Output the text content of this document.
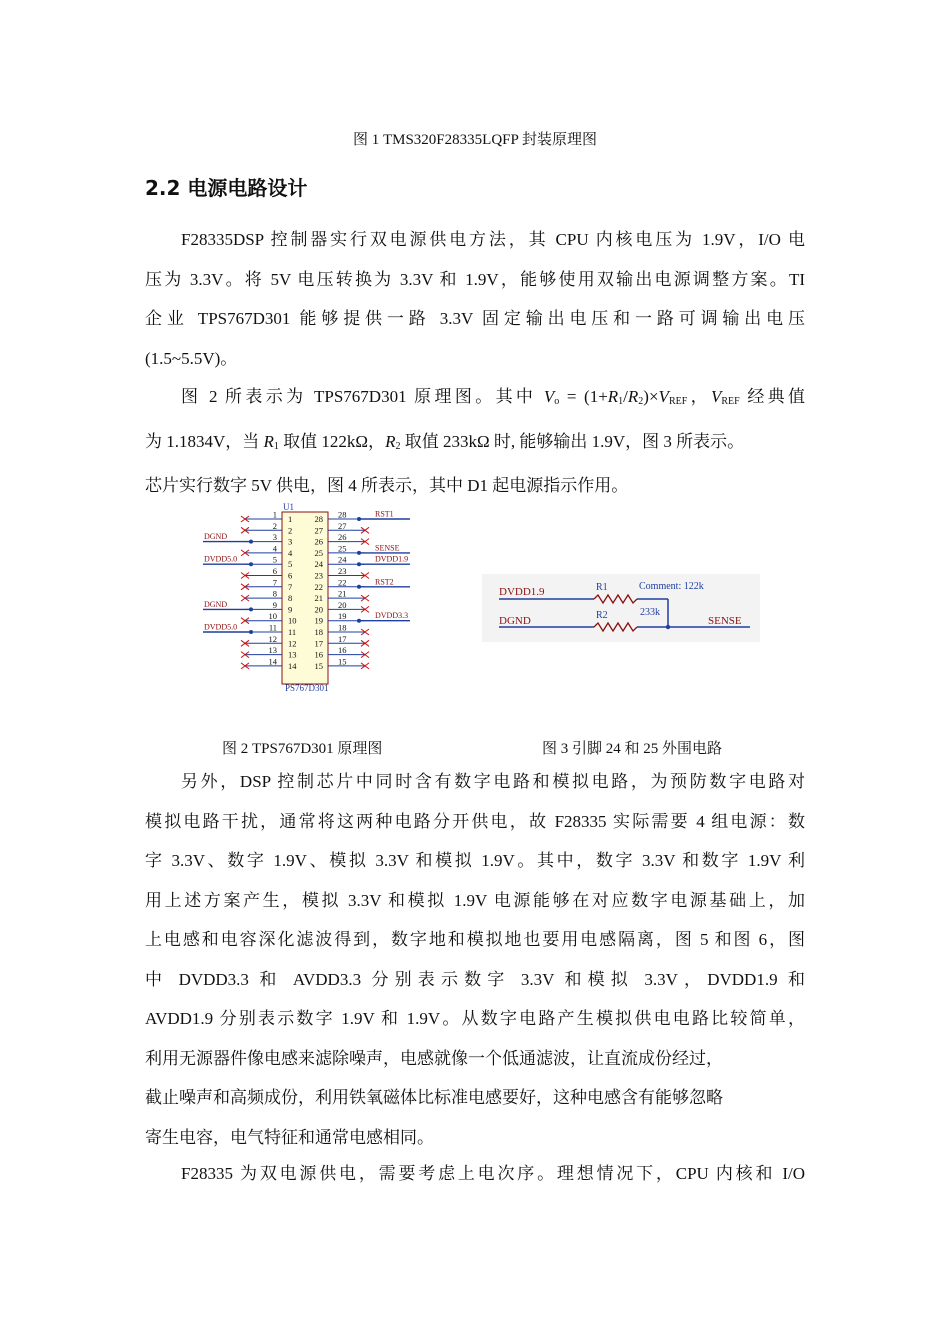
图 1 TMS320F28335LQFP 封装原理图
2.2 电源电路设计
F28335DSP 控制器实行双电源供电方法，其 CPU 内核电压为 1.9V，I/O 电
压为 3.3V。将 5V 电压转换为 3.3V 和 1.9V，能够使用双输出电源调整方案。TI
企业 TPS767D301 能够提供一路 3.3V 固定输出电压和一路可调输出电压
(1.5~5.5V)。
图 2 所表示为 TPS767D301 原理图。其中 $V_o = (1+R_1/R_2)\times V_{REF}$，$V_{REF}$ 经典值
为 1.1834V，当 $R_1$ 取值 122kΩ，$R_2$ 取值 233kΩ 时, 能够输出 1.9V，图 3 所表示。
芯片实行数字 5V 供电，图 4 所表示，其中 D1 起电源指示作用。
U1
PS767D301
1 1
2 2
3 3
DGND
4 4
5 5
DVDD5.0
6 6
7 7
8 8
9 9
DGND
10 10
11 11
DVDD5.0
12 12
13 13
14 14
28 28	RST1
27 27
26 26
25 25	SENSE
24 24	DVDD1.9
23 23
22 22	RST2
21 21
20 20
19 19	DVDD3.3
18 18
17 17
16 16
15 15
DVDD1.9	R1	Comment: 122k
233k
DGND	R2	SENSE
图 2 TPS767D301 原理图	图 3 引脚 24 和 25 外围电路
另外，DSP 控制芯片中同时含有数字电路和模拟电路，为预防数字电路对
模拟电路干扰，通常将这两种电路分开供电，故 F28335 实际需要 4 组电源：数
字 3.3V、数字 1.9V、模拟 3.3V 和模拟 1.9V。其中，数字 3.3V 和数字 1.9V 利
用上述方案产生，模拟 3.3V 和模拟 1.9V 电源能够在对应数字电源基础上，加
上电感和电容深化滤波得到，数字地和模拟地也要用电感隔离，图 5 和图 6，图
中 DVDD3.3 和 AVDD3.3 分别表示数字 3.3V 和模拟 3.3V，DVDD1.9 和
AVDD1.9 分别表示数字 1.9V 和 1.9V。从数字电路产生模拟供电电路比较简单，
利用无源器件像电感来滤除噪声，电感就像一个低通滤波，让直流成份经过，
截止噪声和高频成份，利用铁氧磁体比标准电感要好，这种电感含有能够忽略
寄生电容，电气特征和通常电感相同。
F28335 为双电源供电，需要考虑上电次序。理想情况下，CPU 内核和 I/O
